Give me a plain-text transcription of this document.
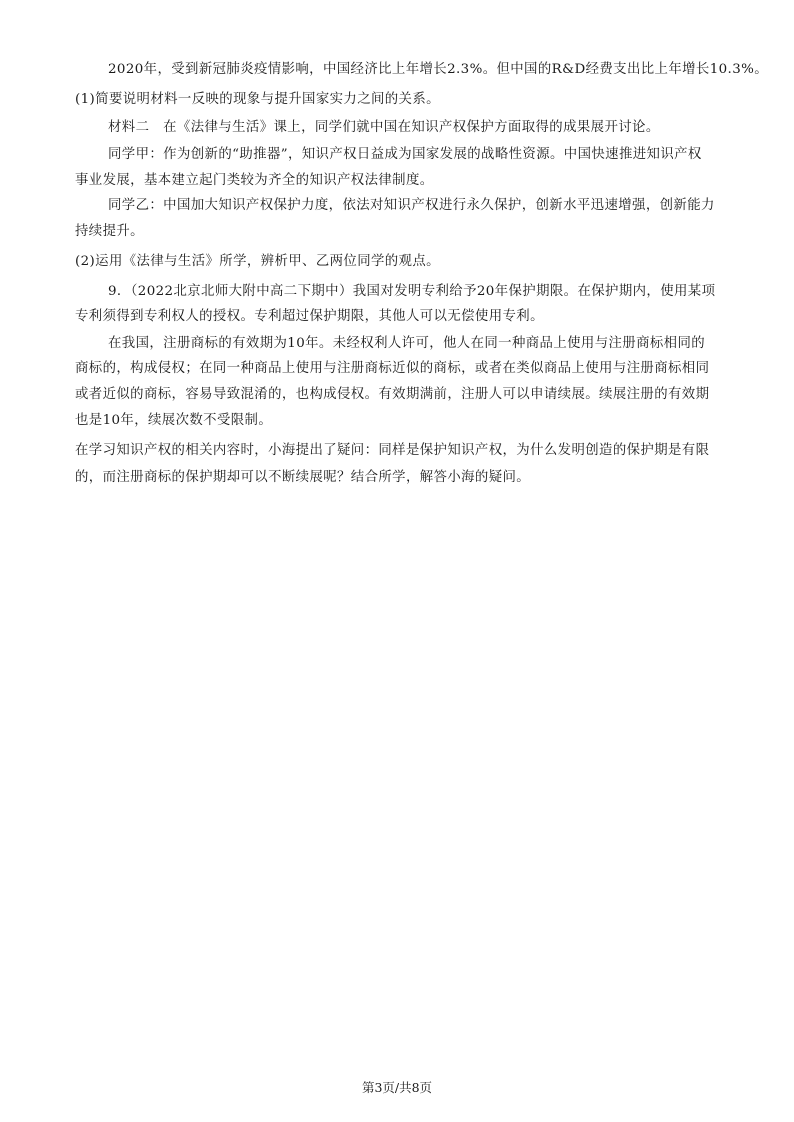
2020年，受到新冠肺炎疫情影响，中国经济比上年增长2.3%。但中国的R&D经费支出比上年增长10.3%。
(1)简要说明材料一反映的现象与提升国家实力之间的关系。
材料二　在《法律与生活》课上，同学们就中国在知识产权保护方面取得的成果展开讨论。
同学甲：作为创新的“助推器”，知识产权日益成为国家发展的战略性资源。中国快速推进知识产权
事业发展，基本建立起门类较为齐全的知识产权法律制度。
同学乙：中国加大知识产权保护力度，依法对知识产权进行永久保护，创新水平迅速增强，创新能力
持续提升。
(2)运用《法律与生活》所学，辨析甲、乙两位同学的观点。
9．（2022北京北师大附中高二下期中）我国对发明专利给予20年保护期限。在保护期内，使用某项
专利须得到专利权人的授权。专利超过保护期限，其他人可以无偿使用专利。
在我国，注册商标的有效期为10年。未经权利人许可，他人在同一种商品上使用与注册商标相同的
商标的，构成侵权；在同一种商品上使用与注册商标近似的商标，或者在类似商品上使用与注册商标相同
或者近似的商标，容易导致混淆的，也构成侵权。有效期满前，注册人可以申请续展。续展注册的有效期
也是10年，续展次数不受限制。
在学习知识产权的相关内容时，小海提出了疑问：同样是保护知识产权，为什么发明创造的保护期是有限
的，而注册商标的保护期却可以不断续展呢？结合所学，解答小海的疑问。
第3页/共8页
